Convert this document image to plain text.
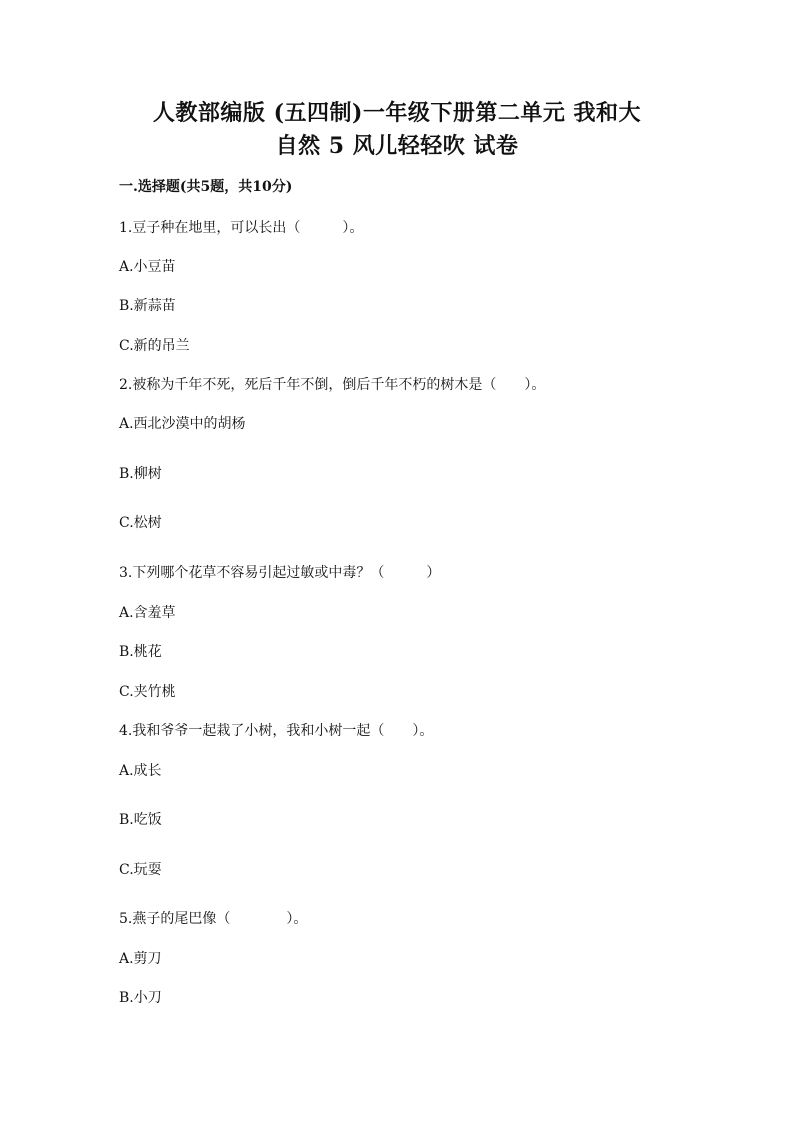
人教部编版 (五四制)一年级下册第二单元 我和大
自然 5 风儿轻轻吹 试卷
一.选择题(共5题，共10分)
1.豆子种在地里，可以长出（　　　）。
A.小豆苗
B.新蒜苗
C.新的吊兰
2.被称为千年不死，死后千年不倒，倒后千年不朽的树木是（　　）。
A.西北沙漠中的胡杨
B.柳树
C.松树
3.下列哪个花草不容易引起过敏或中毒？（　　　）
A.含羞草
B.桃花
C.夹竹桃
4.我和爷爷一起栽了小树，我和小树一起（　　）。
A.成长
B.吃饭
C.玩耍
5.燕子的尾巴像（　　　　）。
A.剪刀
B.小刀
